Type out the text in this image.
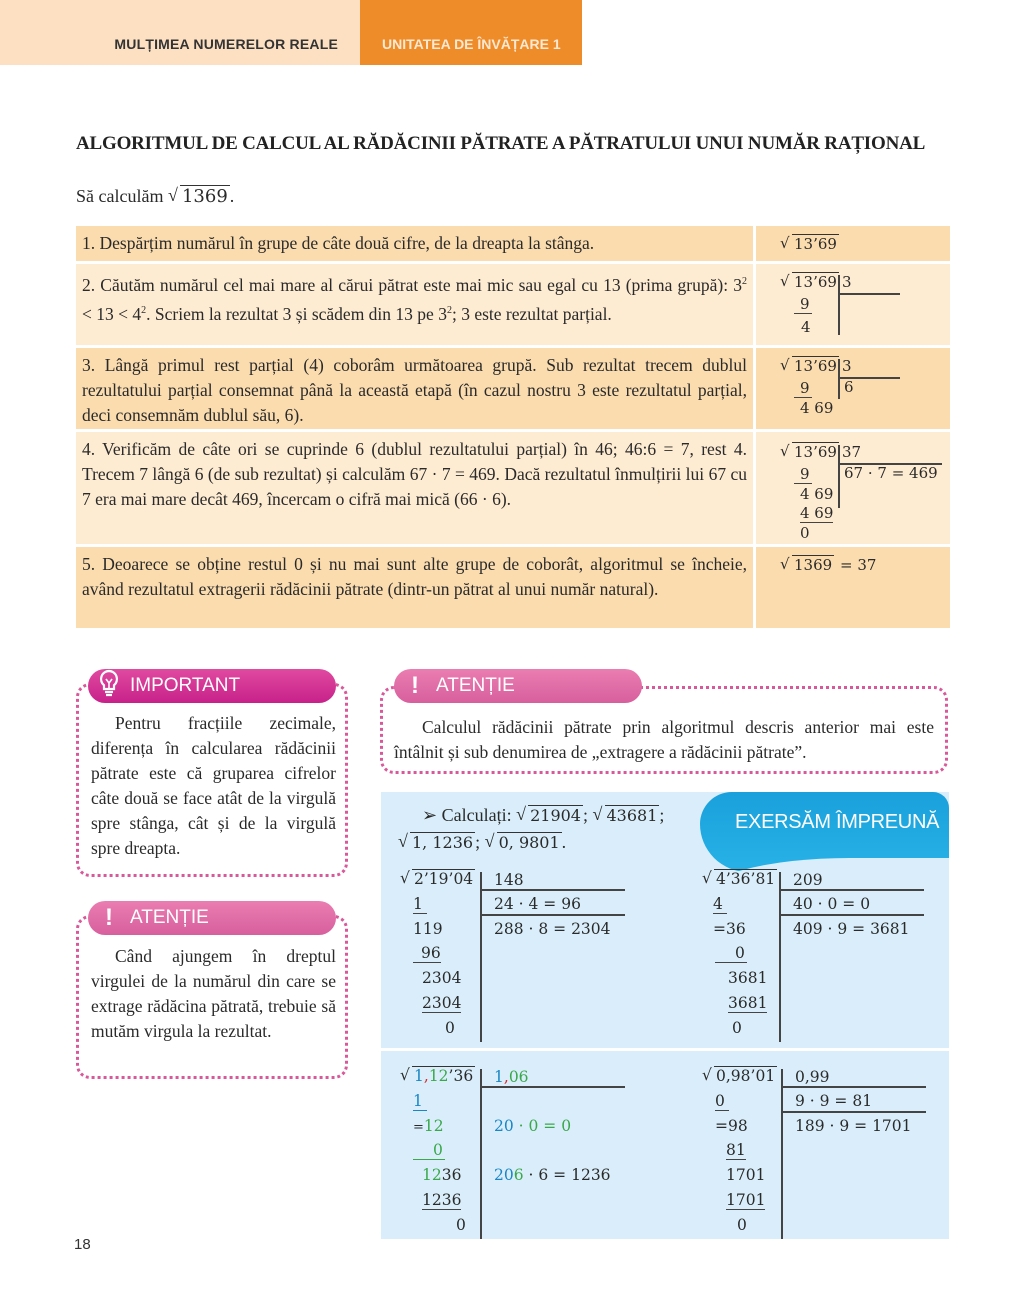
MULȚIMEA NUMERELOR REALE	UNITATEA DE ÎNVĂȚARE 1
ALGORITMUL DE CALCUL AL RĂDĂCINII PĂTRATE A PĂTRATULUI UNUI NUMĂR RAȚIONAL
Să calculăm √ 1369 .
1. Despărțim numărul în grupe de câte două cifre, de la dreapta la stânga.	√ 13’69
2. Căutăm numărul cel mai mare al cărui pătrat este mai mic sau egal cu 13 (prima grupă): $3^2 < 13 < 4^2$. Scriem la rezultat 3 și scădem din 13 pe $3^2$; 3 este rezultat parțial.
√ 13’69 3
9
4
3. Lângă primul rest parțial (4) coborâm următoarea grupă. Sub rezultat trecem dublul rezultatului parțial consemnat până la această etapă (în cazul nostru 3 este rezultatul parțial, deci consemnăm dublul său, 6).
√ 13’69 3
6
9
4 69
4. Verificăm de câte ori se cuprinde 6 (dublul rezultatului parțial) în 46; 46:6 = 7, rest 4. Trecem 7 lângă 6 (de sub rezultat) și calculăm 67 · 7 = 469. Dacă rezultatul înmulțirii lui 67 cu 7 era mai mare decât 469, încercam o cifră mai mică (66 · 6).
√ 13’69 37
67 · 7 = 469
9
4 69
4 69
0
5. Deoarece se obține restul 0 și nu mai sunt alte grupe de coborât, algoritmul se încheie, având rezultatul extragerii rădăcinii pătrate (dintr-un pătrat al unui număr natural).
√ 1369 = 37
IMPORTANT
Pentru fracțiile zecimale, diferența în calcularea rădăcinii pătrate este că gruparea cifrelor câte două se face atât de la virgulă spre stânga, cât și de la virgulă spre dreapta.
! ATENȚIE
Când ajungem în dreptul virgulei de la numărul din care se extrage rădăcina pătrată, trebuie să mutăm virgula la rezultat.
! ATENȚIE
Calculul rădăcinii pătrate prin algoritmul descris anterior mai este întâlnit și sub denumirea de „extragere a rădăcinii pătrate”.
EXERSĂM ÎMPREUNĂ
➢ Calculați: √ 21904 ; √ 43681 ;
√ 1, 1236 ; √ 0, 9801 .
√ 2’19’04 148
24 · 4 = 96
288 · 8 = 2304
1
119
96
2304
2304
0
√ 4’36’81 209
40 · 0 = 0
409 · 9 = 3681
4
=36
0
3681
3681
0
√ 1,12’36 1,06
20 · 0 = 0
206 · 6 = 1236
1
=12
0
1236
1236
0
√ 0,98’01 0,99
9 · 9 = 81
189 · 9 = 1701
0
=98
81
1701
1701
0
18
